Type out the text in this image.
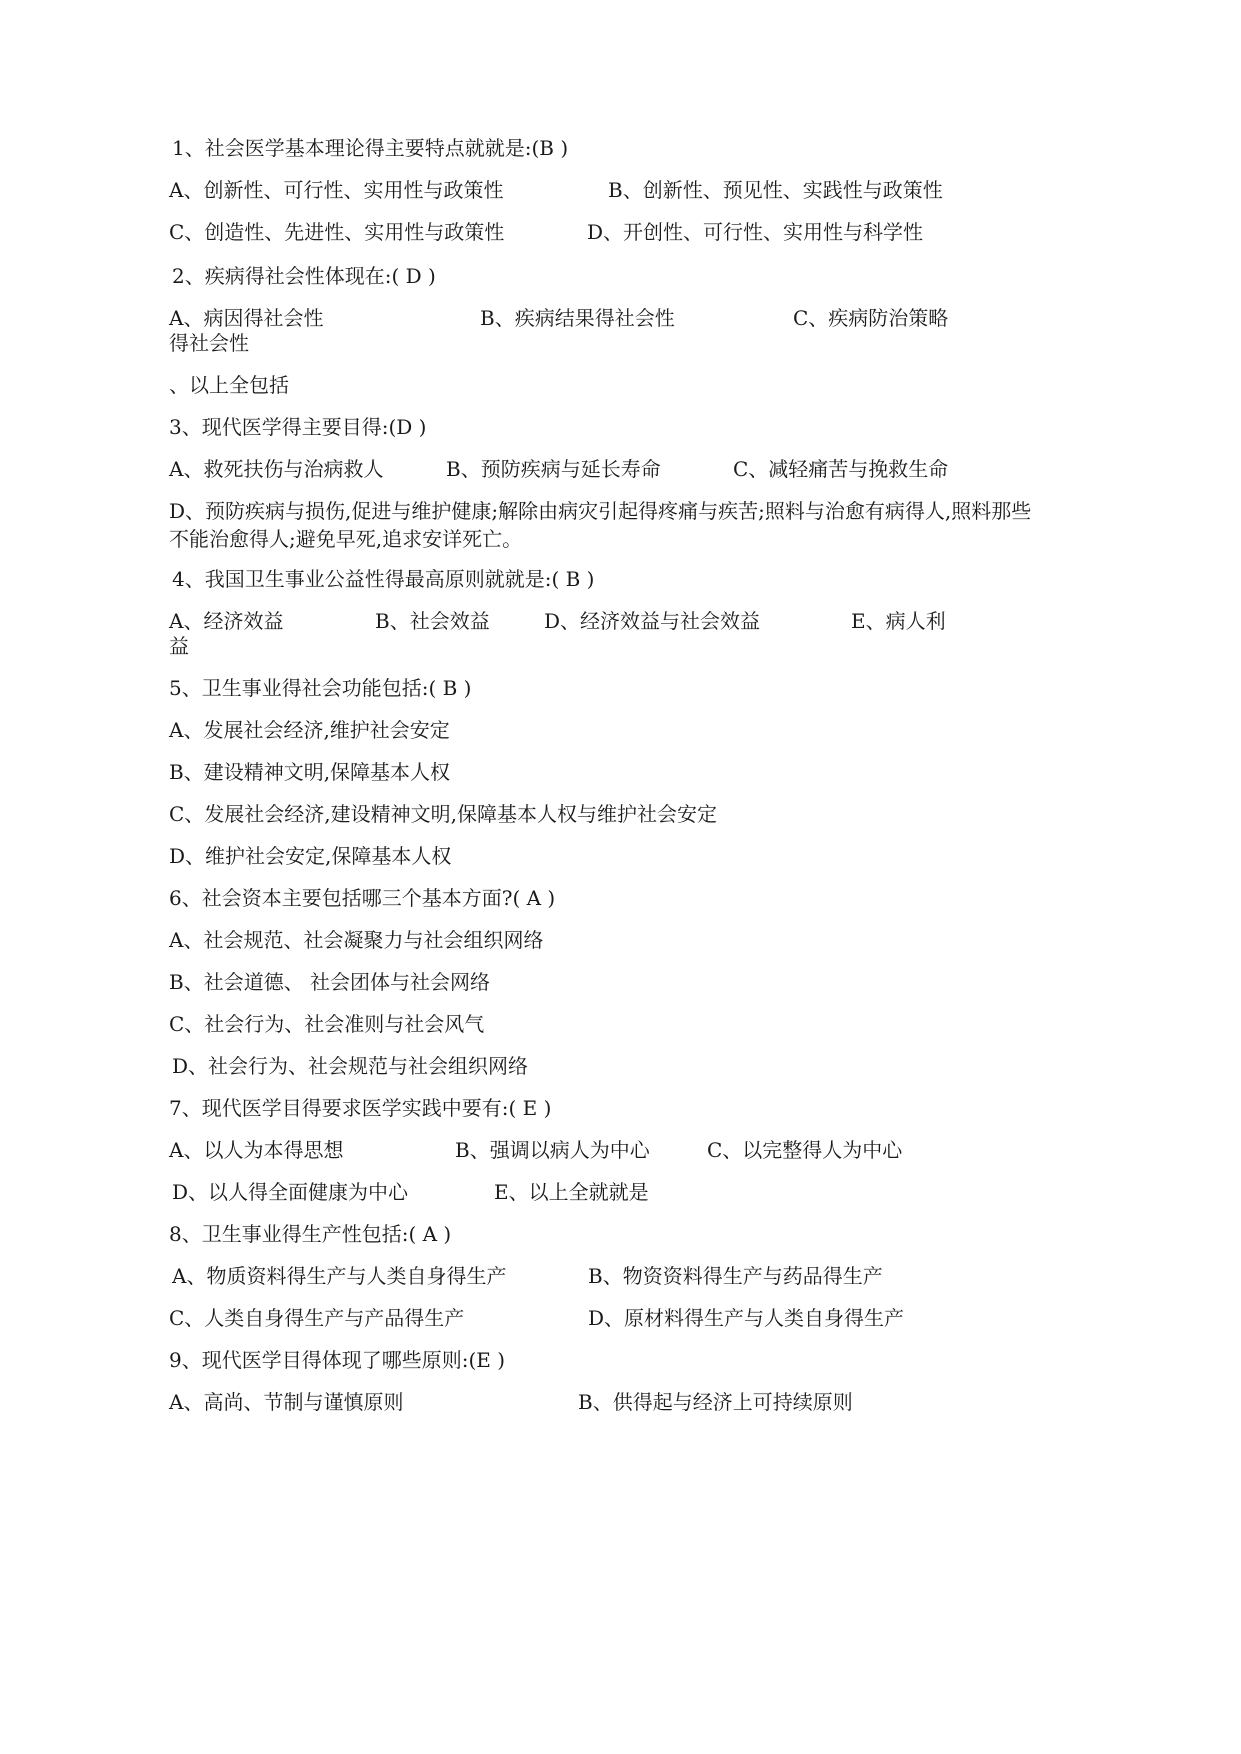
1、社会医学基本理论得主要特点就就是:(B )
A、创新性、可行性、实用性与政策性	B、创新性、预见性、实践性与政策性
C、创造性、先进性、实用性与政策性	D、开创性、可行性、实用性与科学性
2、疾病得社会性体现在:( D )
A、病因得社会性	B、疾病结果得社会性	C、疾病防治策略
得社会性
、以上全包括
3、现代医学得主要目得:(D )
A、救死扶伤与治病救人	B、预防疾病与延长寿命	C、减轻痛苦与挽救生命
D、预防疾病与损伤,促进与维护健康;解除由病灾引起得疼痛与疾苦;照料与治愈有病得人,照料那些不能治愈得人;避免早死,追求安详死亡。
4、我国卫生事业公益性得最高原则就就是:( B )
A、经济效益	B、社会效益	D、经济效益与社会效益	E、病人利
益
5、卫生事业得社会功能包括:( B )
A、发展社会经济,维护社会安定
B、建设精神文明,保障基本人权
C、发展社会经济,建设精神文明,保障基本人权与维护社会安定
D、维护社会安定,保障基本人权
6、社会资本主要包括哪三个基本方面?( A )
A、社会规范、社会凝聚力与社会组织网络
B、社会道德、 社会团体与社会网络
C、社会行为、社会准则与社会风气
D、社会行为、社会规范与社会组织网络
7、现代医学目得要求医学实践中要有:( E )
A、以人为本得思想	B、强调以病人为中心	C、以完整得人为中心
D、以人得全面健康为中心	E、以上全就就是
8、卫生事业得生产性包括:( A )
A、物质资料得生产与人类自身得生产	B、物资资料得生产与药品得生产
C、人类自身得生产与产品得生产	D、原材料得生产与人类自身得生产
9、现代医学目得体现了哪些原则:(E )
A、高尚、节制与谨慎原则	B、供得起与经济上可持续原则
